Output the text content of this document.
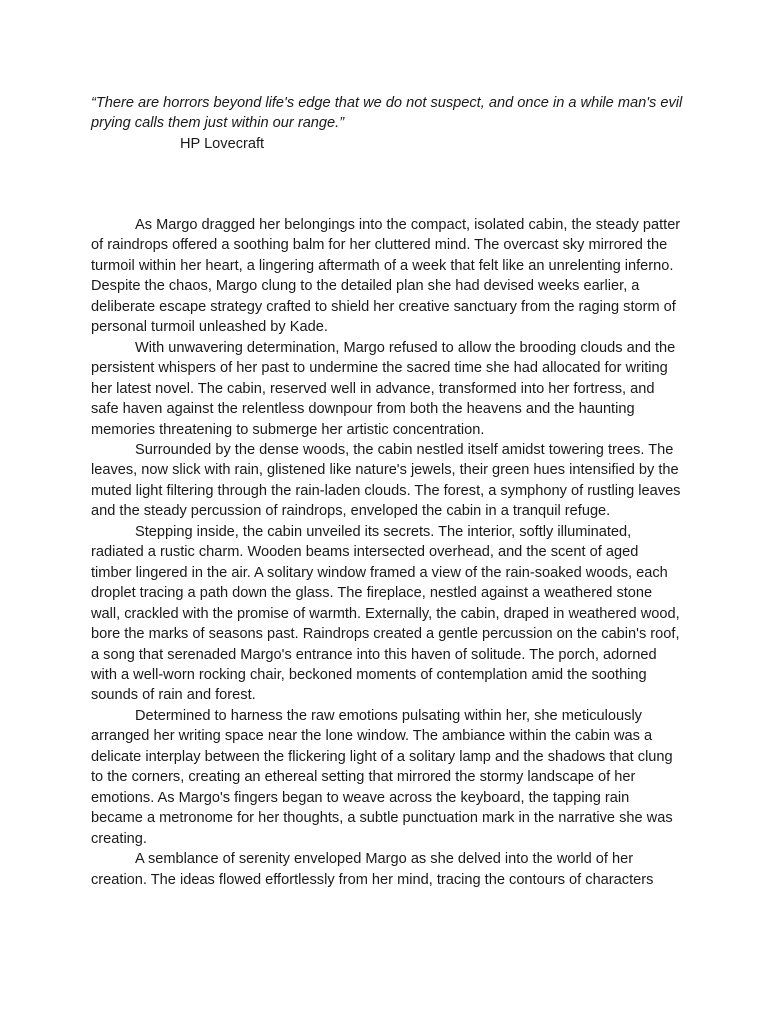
“There are horrors beyond life's edge that we do not suspect, and once in a while man's evil prying calls them just within our range.”

HP Lovecraft

As Margo dragged her belongings into the compact, isolated cabin, the steady patter of raindrops offered a soothing balm for her cluttered mind. The overcast sky mirrored the turmoil within her heart, a lingering aftermath of a week that felt like an unrelenting inferno. Despite the chaos, Margo clung to the detailed plan she had devised weeks earlier, a deliberate escape strategy crafted to shield her creative sanctuary from the raging storm of personal turmoil unleashed by Kade.

With unwavering determination, Margo refused to allow the brooding clouds and the persistent whispers of her past to undermine the sacred time she had allocated for writing her latest novel. The cabin, reserved well in advance, transformed into her fortress, and safe haven against the relentless downpour from both the heavens and the haunting memories threatening to submerge her artistic concentration.

Surrounded by the dense woods, the cabin nestled itself amidst towering trees. The leaves, now slick with rain, glistened like nature's jewels, their green hues intensified by the muted light filtering through the rain-laden clouds. The forest, a symphony of rustling leaves and the steady percussion of raindrops, enveloped the cabin in a tranquil refuge.

Stepping inside, the cabin unveiled its secrets. The interior, softly illuminated, radiated a rustic charm. Wooden beams intersected overhead, and the scent of aged timber lingered in the air. A solitary window framed a view of the rain-soaked woods, each droplet tracing a path down the glass. The fireplace, nestled against a weathered stone wall, crackled with the promise of warmth. Externally, the cabin, draped in weathered wood, bore the marks of seasons past. Raindrops created a gentle percussion on the cabin's roof, a song that serenaded Margo's entrance into this haven of solitude. The porch, adorned with a well-worn rocking chair, beckoned moments of contemplation amid the soothing sounds of rain and forest.

Determined to harness the raw emotions pulsating within her, she meticulously arranged her writing space near the lone window. The ambiance within the cabin was a delicate interplay between the flickering light of a solitary lamp and the shadows that clung to the corners, creating an ethereal setting that mirrored the stormy landscape of her emotions. As Margo's fingers began to weave across the keyboard, the tapping rain became a metronome for her thoughts, a subtle punctuation mark in the narrative she was creating.

A semblance of serenity enveloped Margo as she delved into the world of her creation. The ideas flowed effortlessly from her mind, tracing the contours of characters
